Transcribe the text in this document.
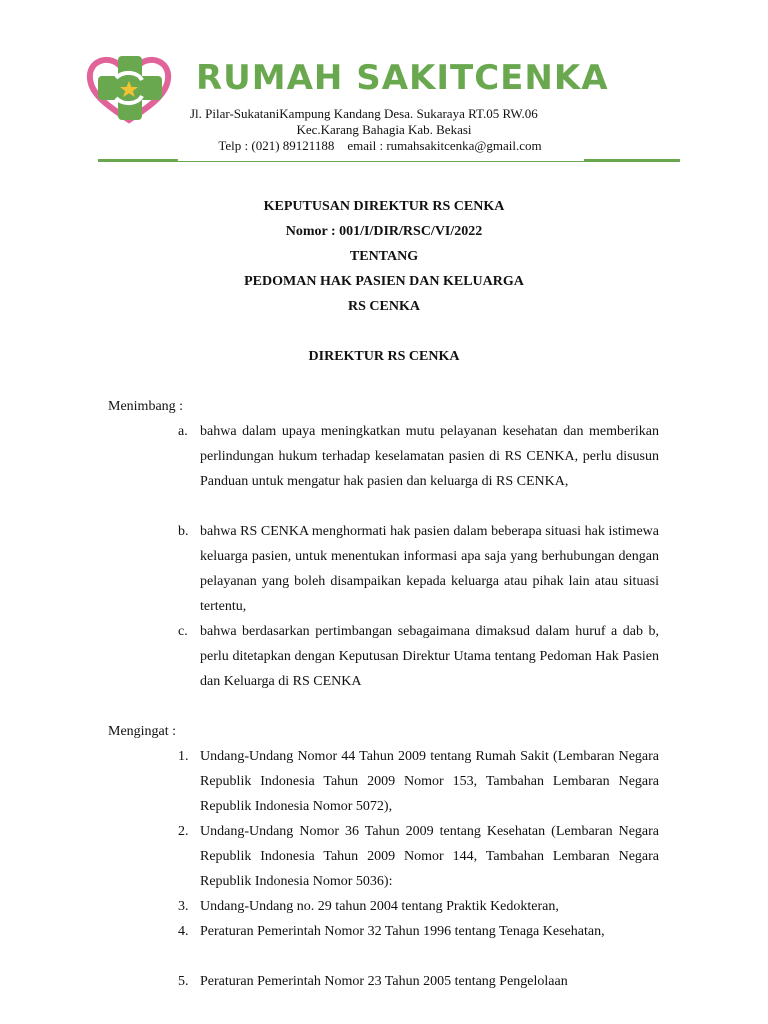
RUMAH SAKITCENKA
Jl. Pilar-SukataniKampung Kandang Desa. Sukaraya RT.05 RW.06
Kec.Karang Bahagia Kab. Bekasi
Telp : (021) 89121188    email : rumahsakitcenka@gmail.com
KEPUTUSAN DIREKTUR RS CENKA
Nomor : 001/I/DIR/RSC/VI/2022
TENTANG
PEDOMAN HAK PASIEN DAN KELUARGA
RS CENKA
DIREKTUR RS CENKA
Menimbang :
a. bahwa dalam upaya meningkatkan mutu pelayanan kesehatan dan memberikan perlindungan hukum terhadap keselamatan pasien di RS CENKA, perlu disusun Panduan untuk mengatur hak pasien dan keluarga di RS CENKA,
b. bahwa RS CENKA menghormati hak pasien dalam beberapa situasi hak istimewa keluarga pasien, untuk menentukan informasi apa saja yang berhubungan dengan pelayanan yang boleh disampaikan kepada keluarga atau pihak lain atau situasi tertentu,
c. bahwa berdasarkan pertimbangan sebagaimana dimaksud dalam huruf a dab b, perlu ditetapkan dengan Keputusan Direktur Utama tentang Pedoman Hak Pasien dan Keluarga di RS CENKA
Mengingat :
1. Undang-Undang Nomor 44 Tahun 2009 tentang Rumah Sakit (Lembaran Negara Republik Indonesia Tahun 2009 Nomor 153, Tambahan Lembaran Negara Republik Indonesia Nomor 5072),
2. Undang-Undang Nomor 36 Tahun 2009 tentang Kesehatan (Lembaran Negara Republik Indonesia Tahun 2009 Nomor 144, Tambahan Lembaran Negara Republik Indonesia Nomor 5036):
3. Undang-Undang no. 29 tahun 2004 tentang Praktik Kedokteran,
4. Peraturan Pemerintah Nomor 32 Tahun 1996 tentang Tenaga Kesehatan,
5. Peraturan Pemerintah Nomor 23 Tahun 2005 tentang Pengelolaan
